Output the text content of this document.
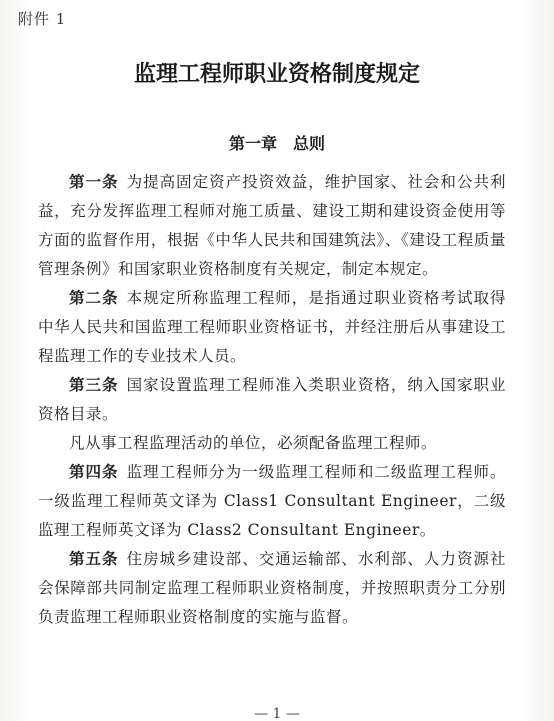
附件 1
监理工程师职业资格制度规定
第一章　总则

第一条 为提高固定资产投资效益，维护国家、社会和公共利益，充分发挥监理工程师对施工质量、建设工期和建设资金使用等方面的监督作用，根据《中华人民共和国建筑法》、《建设工程质量管理条例》和国家职业资格制度有关规定，制定本规定。

第二条 本规定所称监理工程师，是指通过职业资格考试取得中华人民共和国监理工程师职业资格证书，并经注册后从事建设工程监理工作的专业技术人员。

第三条 国家设置监理工程师准入类职业资格，纳入国家职业资格目录。

凡从事工程监理活动的单位，必须配备监理工程师。

第四条 监理工程师分为一级监理工程师和二级监理工程师。一级监理工程师英文译为 Class1 Consultant Engineer，二级监理工程师英文译为 Class2 Consultant Engineer。

第五条 住房城乡建设部、交通运输部、水利部、人力资源社会保障部共同制定监理工程师职业资格制度，并按照职责分工分别负责监理工程师职业资格制度的实施与监督。

— 1 —
